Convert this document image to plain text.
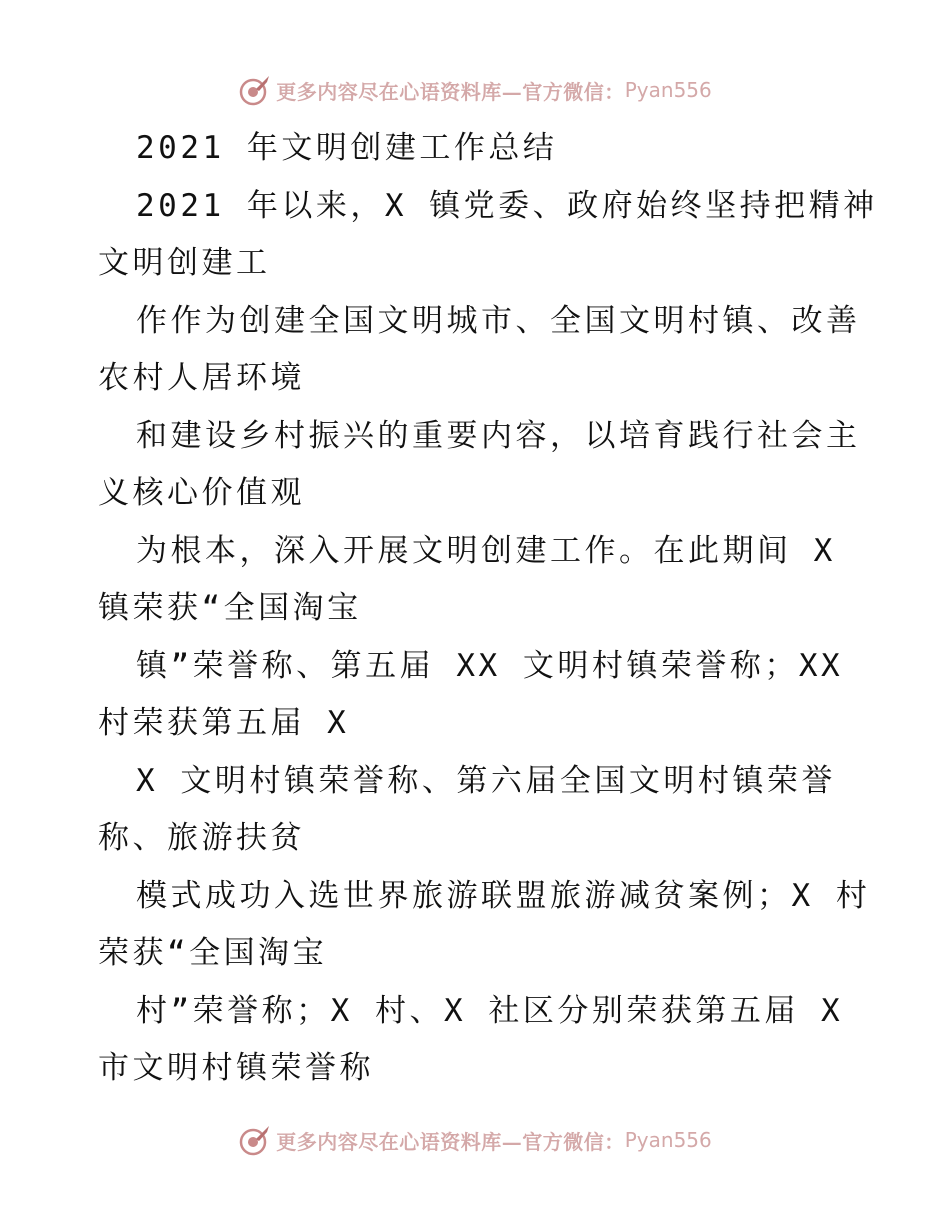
更多内容尽在心语资料库—官方微信： Pyan556
2021 年文明创建工作总结
2021 年以来，X 镇党委、政府始终坚持把精神
文明创建工
作作为创建全国文明城市、全国文明村镇、改善
农村人居环境
和建设乡村振兴的重要内容，以培育践行社会主
义核心价值观
为根本，深入开展文明创建工作。在此期间 X
镇荣获“全国淘宝
镇”荣誉称、第五届 XX 文明村镇荣誉称；XX
村荣获第五届 X
X 文明村镇荣誉称、第六届全国文明村镇荣誉
称、旅游扶贫
模式成功入选世界旅游联盟旅游减贫案例；X 村
荣获“全国淘宝
村”荣誉称；X 村、X 社区分别荣获第五届 X
市文明村镇荣誉称
更多内容尽在心语资料库—官方微信： Pyan556
